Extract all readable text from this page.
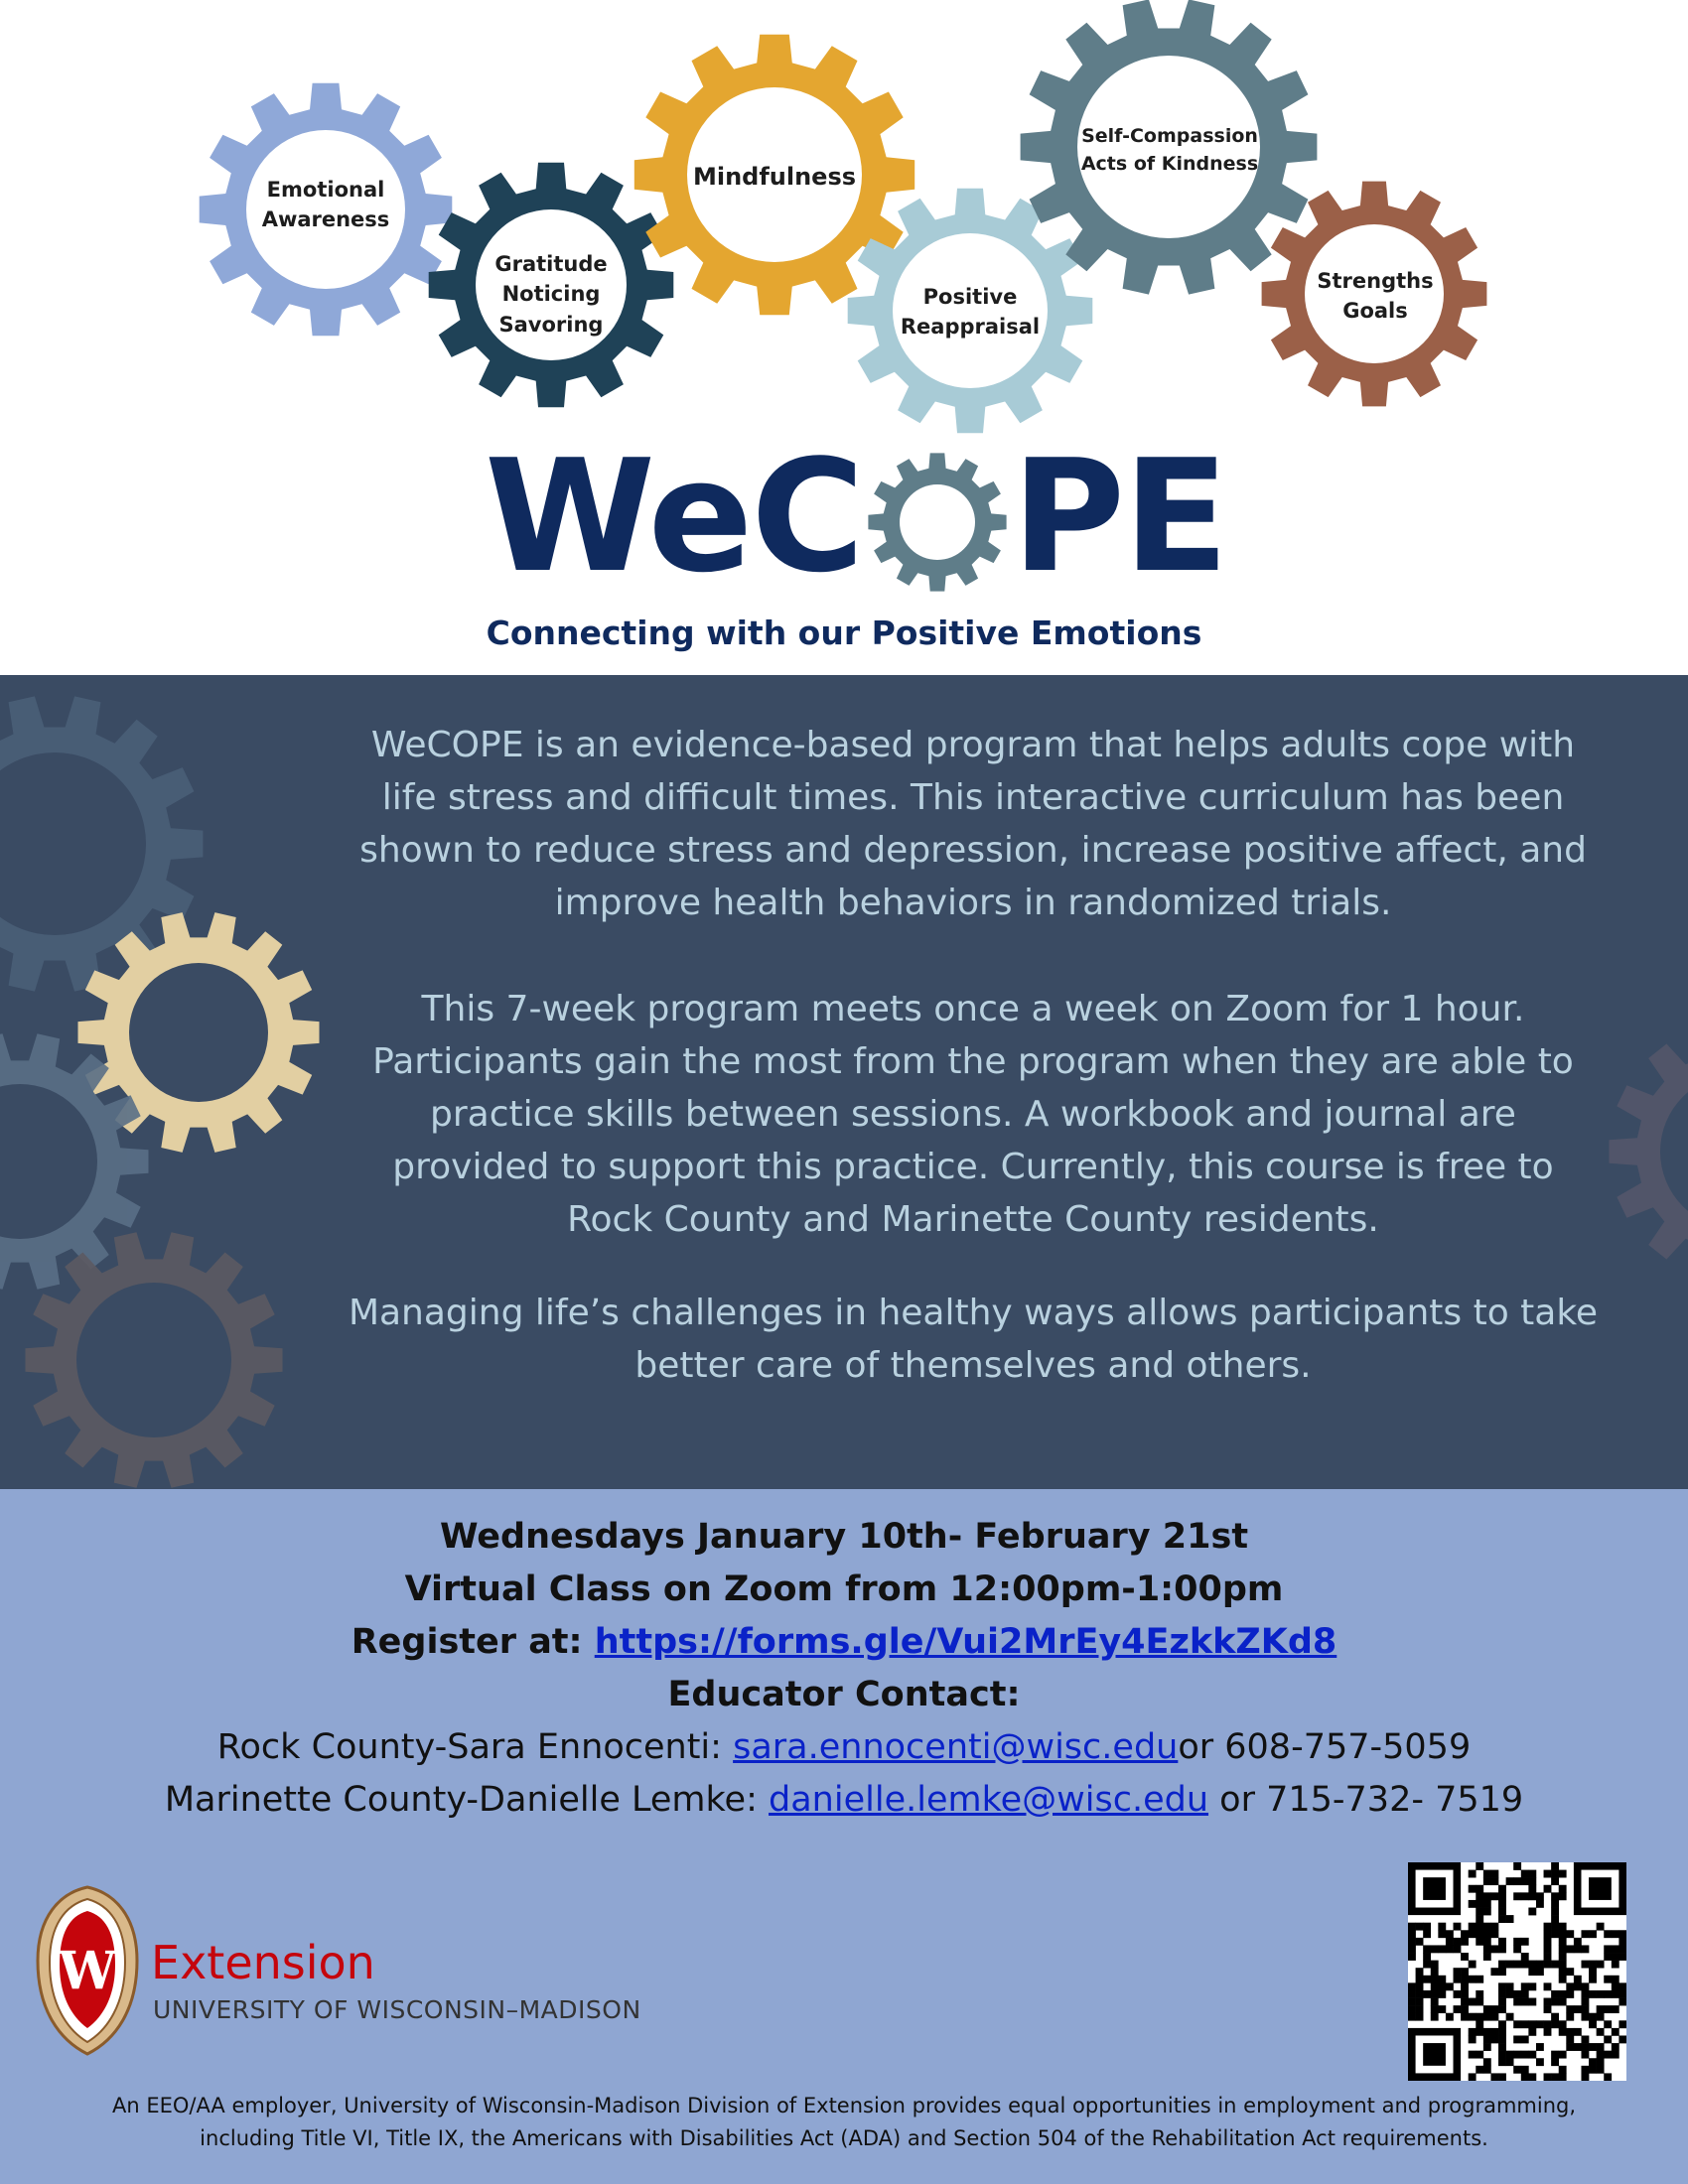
Emotional
Awareness
Gratitude
Noticing
Savoring
Mindfulness
Positive
Reappraisal
Self-Compassion
Acts of Kindness
Strengths
Goals
WeC PE
Connecting with our Positive Emotions
WeCOPE is an evidence-based program that helps adults cope with
life stress and difficult times. This interactive curriculum has been
shown to reduce stress and depression, increase positive affect, and
improve health behaviors in randomized trials.
This 7-week program meets once a week on Zoom for 1 hour.
Participants gain the most from the program when they are able to
practice skills between sessions. A workbook and journal are
provided to support this practice. Currently, this course is free to
Rock County and Marinette County residents.
Managing life’s challenges in healthy ways allows participants to take
better care of themselves and others.
Wednesdays January 10th- February 21st
Virtual Class on Zoom from 12:00pm-1:00pm
Register at: https://forms.gle/Vui2MrEy4EzkkZKd8
Educator Contact:
Rock County-Sara Ennocenti: sara.ennocenti@wisc.eduor 608-757-5059
Marinette County-Danielle Lemke: danielle.lemke@wisc.edu or 715-732- 7519
W Extension
UNIVERSITY OF WISCONSIN–MADISON
An EEO/AA employer, University of Wisconsin-Madison Division of Extension provides equal opportunities in employment and programming,
including Title VI, Title IX, the Americans with Disabilities Act (ADA) and Section 504 of the Rehabilitation Act requirements.
